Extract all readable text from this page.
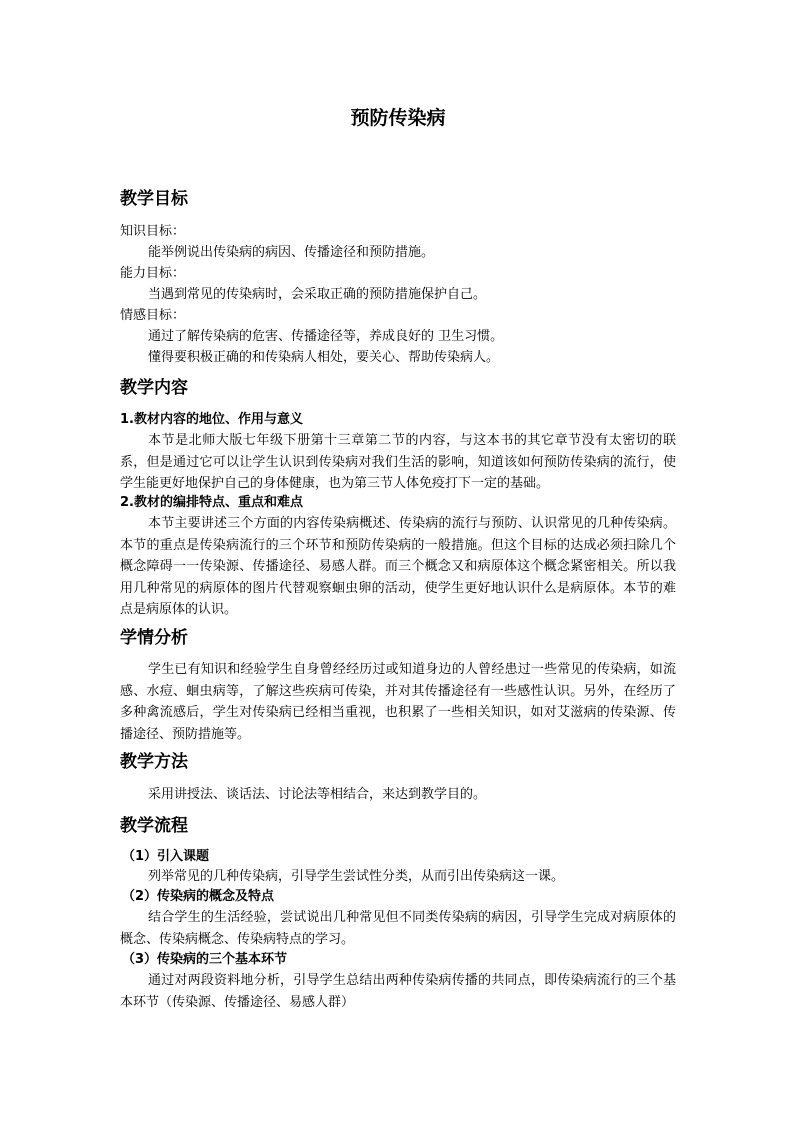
预防传染病
教学目标

知识目标：

能举例说出传染病的病因、传播途径和预防措施。

能力目标：

当遇到常见的传染病时，会采取正确的预防措施保护自己。

情感目标：

通过了解传染病的危害、传播途径等，养成良好的 卫生习惯。

懂得要积极正确的和传染病人相处，要关心、帮助传染病人。

教学内容

1.教材内容的地位、作用与意义

本节是北师大版七年级下册第十三章第二节的内容，与这本书的其它章节没有太密切的联系，但是通过它可以让学生认识到传染病对我们生活的影响，知道该如何预防传染病的流行，使学生能更好地保护自己的身体健康，也为第三节人体免疫打下一定的基础。

2.教材的编排特点、重点和难点

本节主要讲述三个方面的内容传染病概述、传染病的流行与预防、认识常见的几种传染病。本节的重点是传染病流行的三个环节和预防传染病的一般措施。但这个目标的达成必须扫除几个概念障碍一一传染源、传播途径、易感人群。而三个概念又和病原体这个概念紧密相关。所以我用几种常见的病原体的图片代替观察蛔虫卵的活动，使学生更好地认识什么是病原体。本节的难点是病原体的认识。

学情分析

学生已有知识和经验学生自身曾经经历过或知道身边的人曾经患过一些常见的传染病，如流感、水痘、蛔虫病等，了解这些疾病可传染，并对其传播途径有一些感性认识。另外，在经历了多种禽流感后，学生对传染病已经相当重视，也积累了一些相关知识，如对艾滋病的传染源、传播途径、预防措施等。

教学方法

采用讲授法、谈话法、讨论法等相结合，来达到教学目的。

教学流程

（1）引入课题

列举常见的几种传染病，引导学生尝试性分类，从而引出传染病这一课。

（2）传染病的概念及特点

结合学生的生活经验，尝试说出几种常见但不同类传染病的病因，引导学生完成对病原体的概念、传染病概念、传染病特点的学习。

（3）传染病的三个基本环节

通过对两段资料地分析，引导学生总结出两种传染病传播的共同点，即传染病流行的三个基本环节（传染源、传播途径、易感人群）
